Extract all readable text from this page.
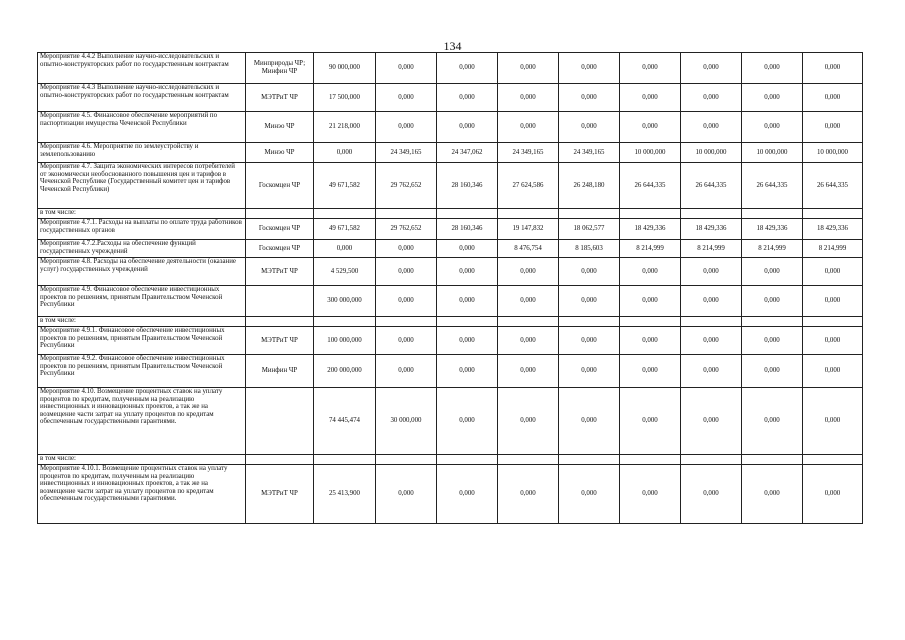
134
Мероприятие 4.4.2 Выполнение научно-исследовательских и опытно-конструкторских работ по государственным контрактам	Минприроды ЧР; Минфин ЧР	90 000,000	0,000	0,000	0,000	0,000	0,000	0,000	0,000	0,000
Мероприятие 4.4.3 Выполнение научно-исследовательских и опытно-конструкторских работ по государственным контрактам	МЭТРиТ ЧР	17 500,000	0,000	0,000	0,000	0,000	0,000	0,000	0,000	0,000
Мероприятие 4.5. Финансовое обеспечение мероприятий по паспортизации имущества Чеченской Республики	Минэо ЧР	21 218,000	0,000	0,000	0,000	0,000	0,000	0,000	0,000	0,000
Мероприятие 4.6. Мероприятие по землеустройству и землепользованию	Минэо ЧР	0,000	24 349,165	24 347,062	24 349,165	24 349,165	10 000,000	10 000,000	10 000,000	10 000,000
Мероприятие 4.7. Защита экономических интересов потребителей от экономически необоснованного повышения цен и тарифов в Чеченской Республике (Государственный комитет цен и тарифов Чеченской Республики)	Госкомцен ЧР	49 671,582	29 762,652	28 160,346	27 624,586	26 248,180	26 644,335	26 644,335	26 644,335	26 644,335
в том числе:										
Мероприятие 4.7.1. Расходы на выплаты по оплате труда работников государственных органов	Госкомцен ЧР	49 671,582	29 762,652	28 160,346	19 147,832	18 062,577	18 429,336	18 429,336	18 429,336	18 429,336
Мероприятие 4.7.2.Расходы на обеспечение функций государственных учреждений	Госкомцен ЧР	0,000	0,000	0,000	8 476,754	8 185,603	8 214,999	8 214,999	8 214,999	8 214,999
Мероприятие 4.8. Расходы на обеспечение деятельности (оказание услуг) государственных учреждений	МЭТРиТ ЧР	4 529,500	0,000	0,000	0,000	0,000	0,000	0,000	0,000	0,000
Мероприятие 4.9. Финансовое обеспечение инвестиционных проектов по решениям, принятым Правительством Чеченской Республики		300 000,000	0,000	0,000	0,000	0,000	0,000	0,000	0,000	0,000
в том числе:										
Мероприятие 4.9.1. Финансовое обеспечение инвестиционных проектов по решениям, принятым Правительством Чеченской Республики	МЭТРиТ ЧР	100 000,000	0,000	0,000	0,000	0,000	0,000	0,000	0,000	0,000
Мероприятие 4.9.2. Финансовое обеспечение инвестиционных проектов по решениям, принятым Правительством Чеченской Республики	Минфин ЧР	200 000,000	0,000	0,000	0,000	0,000	0,000	0,000	0,000	0,000
Мероприятие 4.10. Возмещение процентных ставок на уплату процентов по кредитам, полученным на реализацию инвестиционных и инновационных проектов, а так же на возмещение части затрат на уплату процентов по кредитам обеспеченным государственными гарантиями.		74 445,474	30 000,000	0,000	0,000	0,000	0,000	0,000	0,000	0,000
в том числе:										
Мероприятие 4.10.1. Возмещение процентных ставок на уплату процентов по кредитам, полученным на реализацию инвестиционных и инновационных проектов, а так же на возмещение части затрат на уплату процентов по кредитам обеспеченным государственными гарантиями.	МЭТРиТ ЧР	25 413,900	0,000	0,000	0,000	0,000	0,000	0,000	0,000	0,000
